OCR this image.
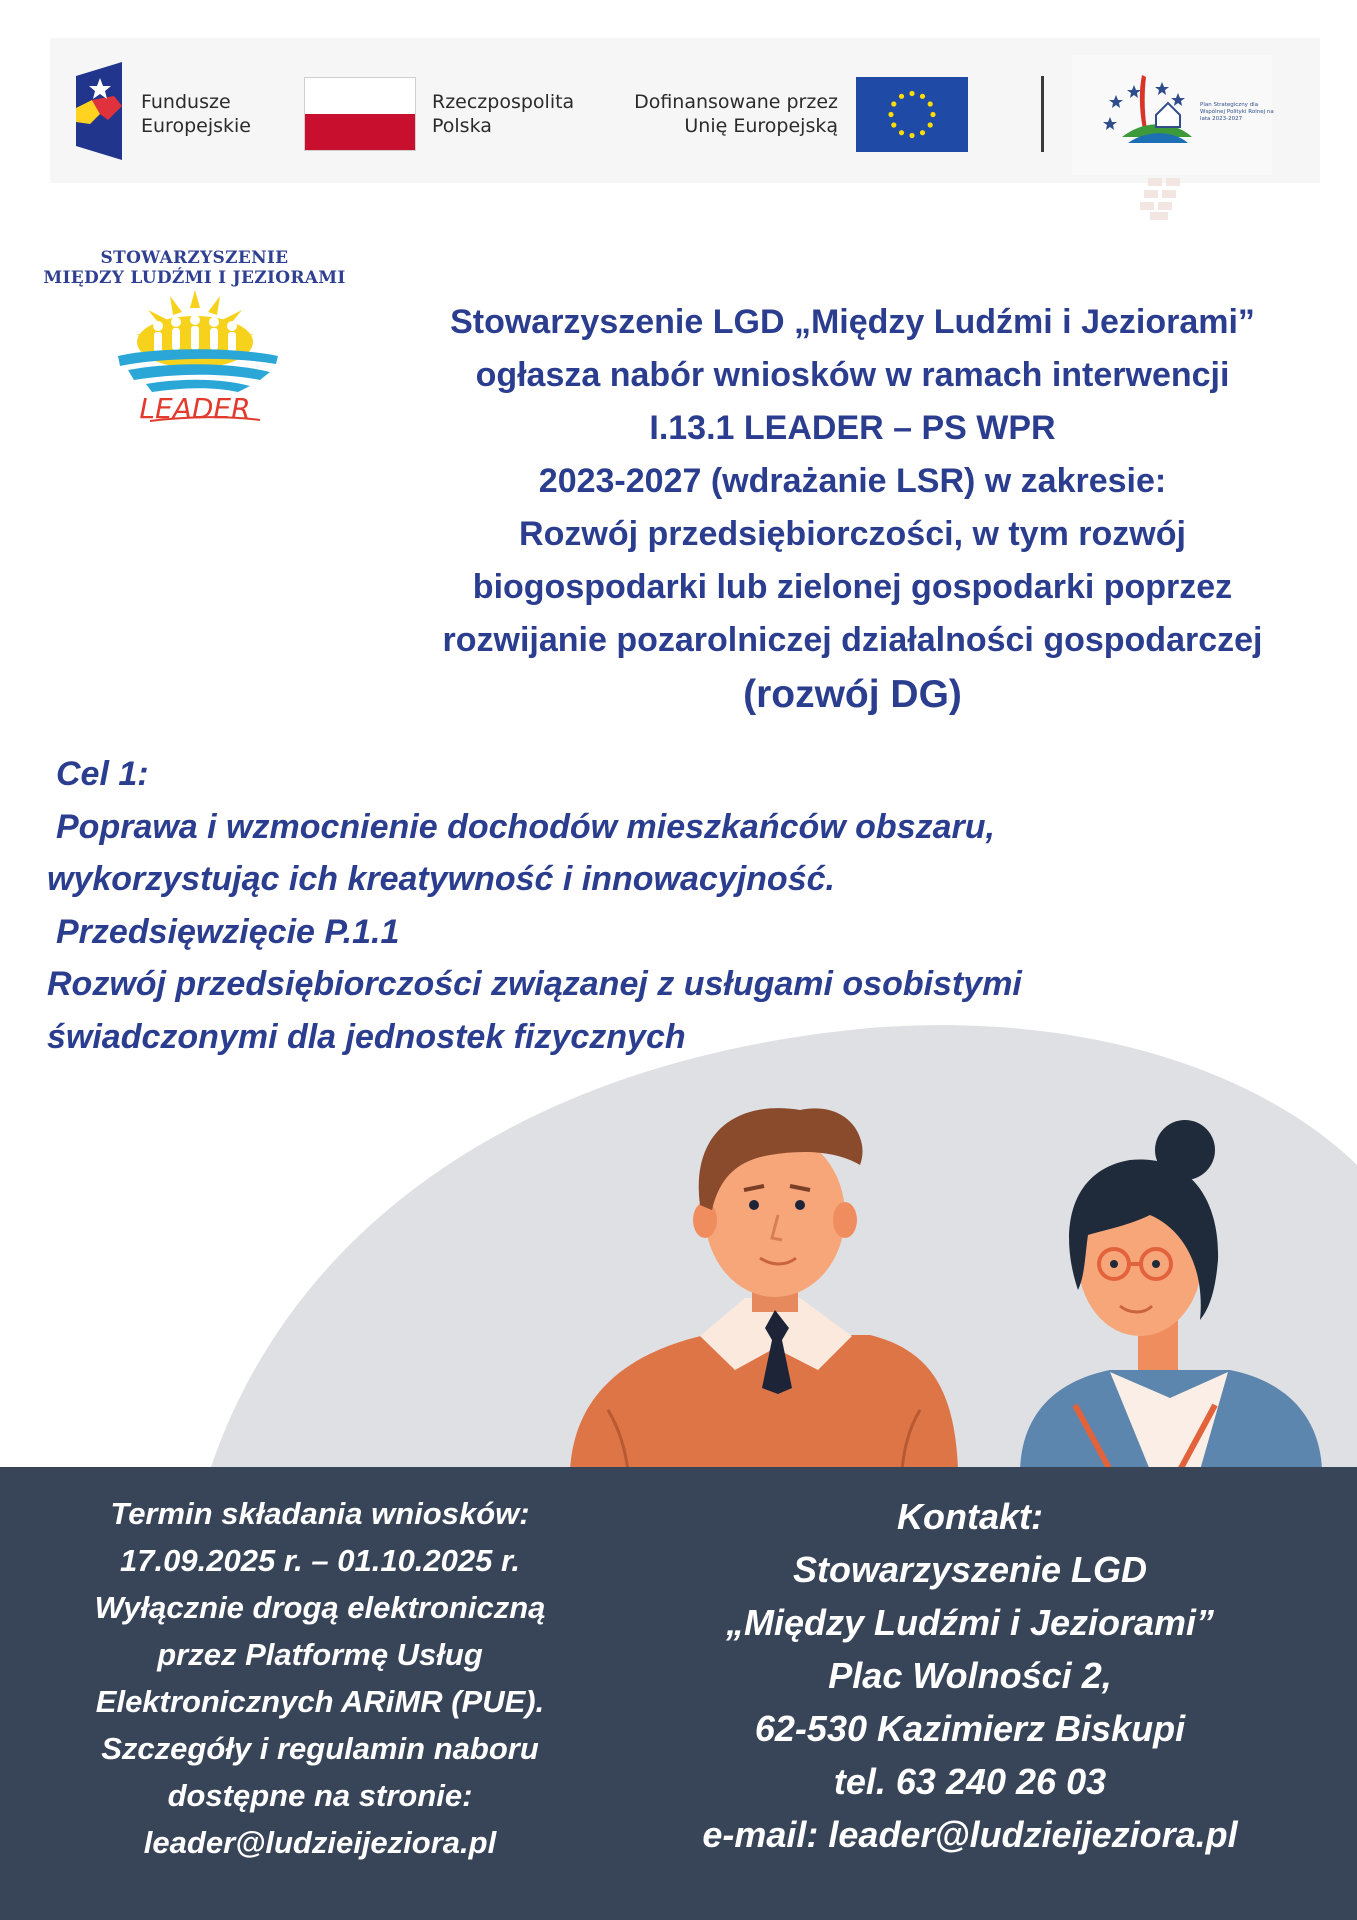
Fundusze
Europejskie
Rzeczpospolita
Polska
Dofinansowane przez
Unię Europejską
Plan Strategiczny dla Wspólnej Polityki Rolnej na lata 2023-2027
STOWARZYSZENIE
MIĘDZY LUDŹMI I JEZIORAMI
LEADER
Stowarzyszenie LGD „Między Ludźmi i Jeziorami”
ogłasza nabór wniosków w ramach interwencji
I.13.1 LEADER – PS WPR
2023-2027 (wdrażanie LSR) w zakresie:
Rozwój przedsiębiorczości, w tym rozwój
biogospodarki lub zielonej gospodarki poprzez
rozwijanie pozarolniczej działalności gospodarczej
(rozwój DG)
Cel 1:
Poprawa i wzmocnienie dochodów mieszkańców obszaru,
wykorzystując ich kreatywność i innowacyjność.
Przedsięwzięcie P.1.1
Rozwój przedsiębiorczości związanej z usługami osobistymi
świadczonymi dla jednostek fizycznych
Termin składania wniosków:
17.09.2025 r. – 01.10.2025 r.
Wyłącznie drogą elektroniczną
przez Platformę Usług
Elektronicznych ARiMR (PUE).
Szczegóły i regulamin naboru
dostępne na stronie:
leader@ludzieijeziora.pl
Kontakt:
Stowarzyszenie LGD
„Między Ludźmi i Jeziorami”
Plac Wolności 2,
62-530 Kazimierz Biskupi
tel. 63 240 26 03
e-mail: leader@ludzieijeziora.pl
